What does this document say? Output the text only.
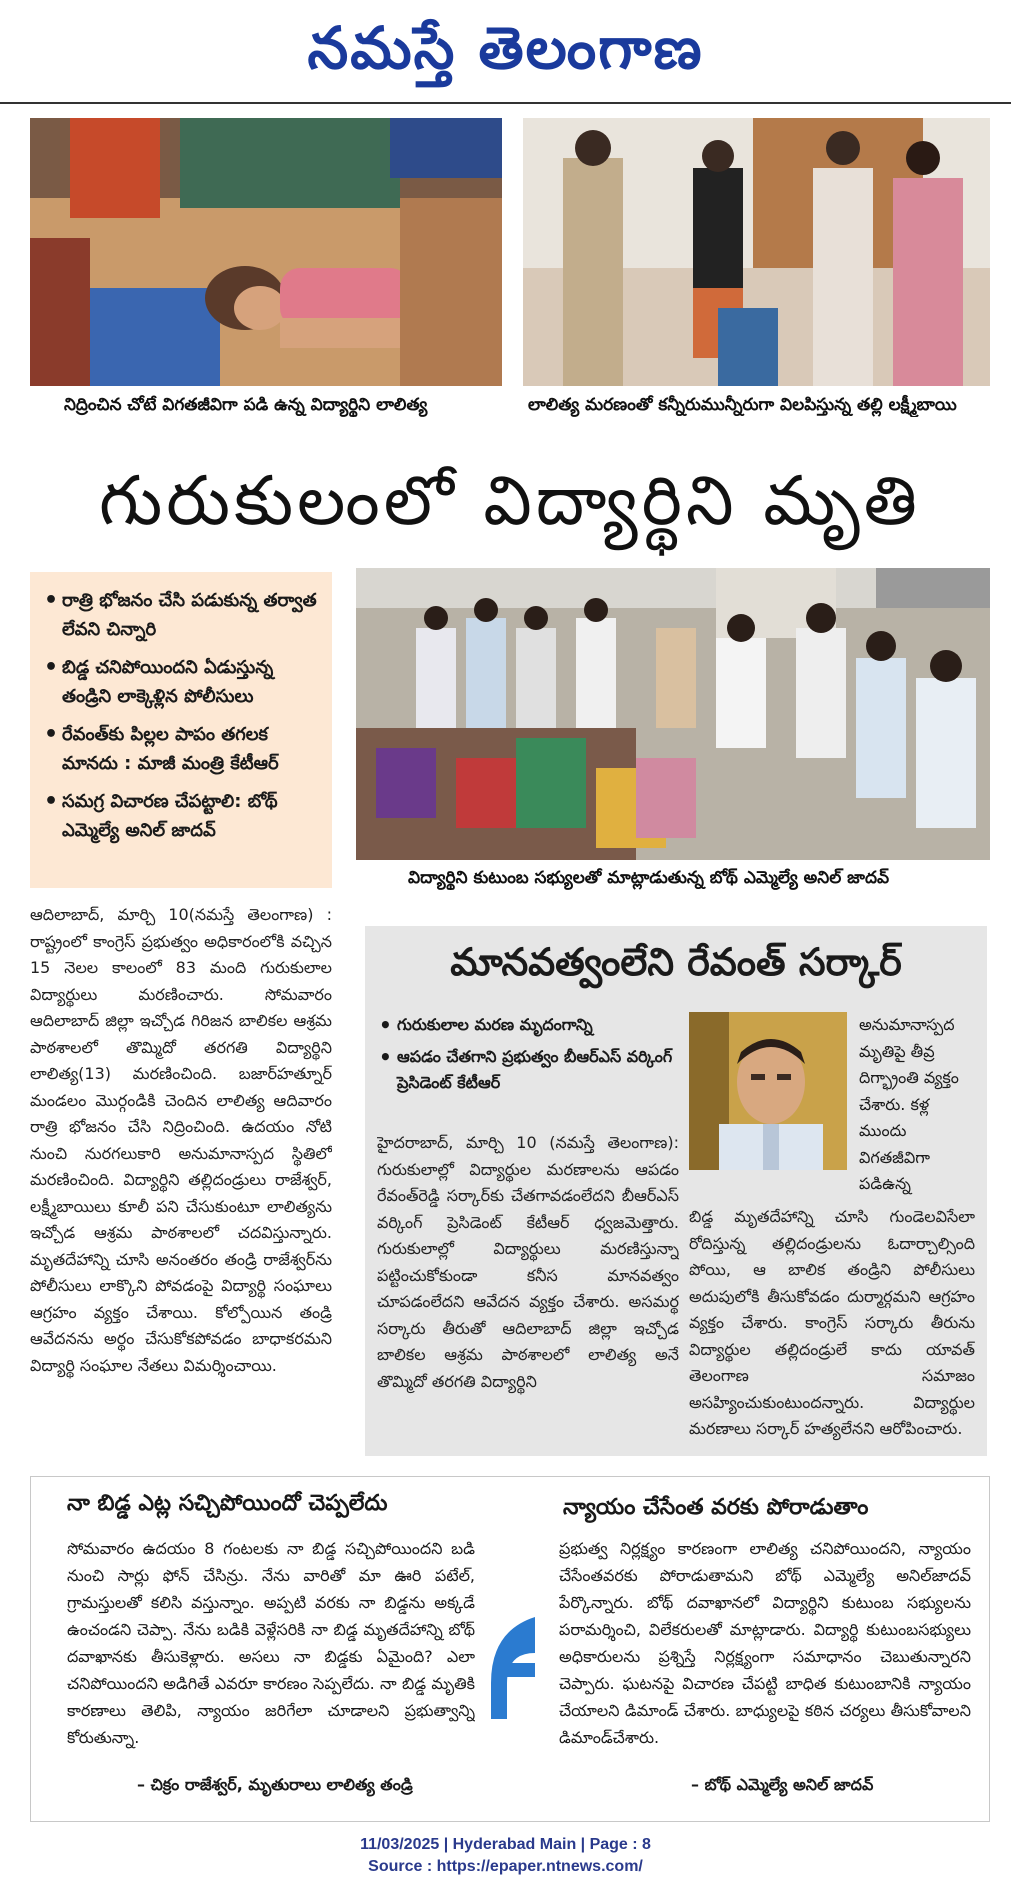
నమస్తే తెలంగాణ
నిద్రించిన చోటే విగతజీవిగా పడి ఉన్న విద్యార్థిని లాలిత్య	లాలిత్య మరణంతో కన్నీరుమున్నీరుగా విలపిస్తున్న తల్లి లక్ష్మీబాయి
గురుకులంలో విద్యార్థిని మృతి
• రాత్రి భోజనం చేసి పడుకున్న తర్వాత లేవని చిన్నారి
• బిడ్డ చనిపోయిందని ఏడుస్తున్న తండ్రిని లాక్కెళ్లిన పోలీసులు
• రేవంత్‌కు పిల్లల పాపం తగలక మానదు : మాజీ మంత్రి కేటీఆర్
• సమగ్ర విచారణ చేపట్టాలి: బోథ్ ఎమ్మెల్యే అనిల్ జాదవ్
విద్యార్థిని కుటుంబ సభ్యులతో మాట్లాడుతున్న బోథ్ ఎమ్మెల్యే అనిల్ జాదవ్
ఆదిలాబాద్, మార్చి 10(నమస్తే తెలంగాణ) : రాష్ట్రంలో కాంగ్రెస్ ప్రభుత్వం అధికారంలోకి వచ్చిన 15 నెలల కాలంలో 83 మంది గురుకులాల విద్యార్థులు మరణించారు. సోమవారం ఆదిలాబాద్ జిల్లా ఇచ్చోడ గిరిజన బాలికల ఆశ్రమ పాఠశాలలో తొమ్మిదో తరగతి విద్యార్థిని లాలిత్య(13) మరణించింది. బజార్‌హత్నూర్ మండలం మొర్గండికి చెందిన లాలిత్య ఆదివారం రాత్రి భోజనం చేసి నిద్రించింది. ఉదయం నోటి నుంచి నురగలుకారి అనుమానాస్పద స్థితిలో మరణించింది. విద్యార్థిని తల్లిదండ్రులు రాజేశ్వర్, లక్ష్మీబాయిలు కూలీ పని చేసుకుంటూ లాలిత్యను ఇచ్చోడ ఆశ్రమ పాఠశాలలో చదవిస్తున్నారు. మృతదేహాన్ని చూసి అనంతరం తండ్రి రాజేశ్వర్‌ను పోలీసులు లాక్కొని పోవడంపై విద్యార్థి సంఘాలు ఆగ్రహం వ్యక్తం చేశాయి. కోల్పోయిన తండ్రి ఆవేదనను అర్థం చేసుకోకపోవడం బాధాకరమని విద్యార్థి సంఘాల నేతలు విమర్శించాయి.
మానవత్వంలేని రేవంత్ సర్కార్
• గురుకులాల మరణ మృదంగాన్ని
• ఆపడం చేతగాని ప్రభుత్వం బీఆర్ఎస్ వర్కింగ్ ప్రెసిడెంట్ కేటీఆర్
అనుమానాస్పద మృతిపై తీవ్ర దిగ్భ్రాంతి వ్యక్తం చేశారు. కళ్ల ముందు విగతజీవిగా పడిఉన్న
హైదరాబాద్, మార్చి 10 (నమస్తే తెలంగాణ): గురుకులాల్లో విద్యార్థుల మరణాలను ఆపడం రేవంత్‌రెడ్డి సర్కార్‌కు చేతగావడంలేదని బీఆర్ఎస్ వర్కింగ్ ప్రెసిడెంట్ కేటీఆర్ ధ్వజమెత్తారు. గురుకులాల్లో విద్యార్థులు మరణిస్తున్నా పట్టించుకోకుండా కనీస మానవత్వం చూపడంలేదని ఆవేదన వ్యక్తం చేశారు. అసమర్థ సర్కారు తీరుతో ఆదిలాబాద్ జిల్లా ఇచ్చోడ బాలికల ఆశ్రమ పాఠశాలలో లాలిత్య అనే తొమ్మిదో తరగతి విద్యార్థిని
బిడ్డ మృతదేహాన్ని చూసి గుండెలవిసేలా రోదిస్తున్న తల్లిదండ్రులను ఓదార్చాల్సింది పోయి, ఆ బాలిక తండ్రిని పోలీసులు అదుపులోకి తీసుకోవడం దుర్మార్గమని ఆగ్రహం వ్యక్తం చేశారు. కాంగ్రెస్ సర్కారు తీరును విద్యార్థుల తల్లిదండ్రులే కాదు యావత్ తెలంగాణ సమాజం అసహ్యించుకుంటుందన్నారు. విద్యార్థుల మరణాలు సర్కార్ హత్యలేనని ఆరోపించారు.
నా బిడ్డ ఎట్ల సచ్చిపోయిందో చెప్పలేదు
సోమవారం ఉదయం 8 గంటలకు నా బిడ్డ సచ్చిపోయిందని బడి నుంచి సార్లు ఫోన్ చేసిన్రు. నేను వారితో మా ఊరి పటేల్, గ్రామస్తులతో కలిసి వస్తున్నాం. అప్పటి వరకు నా బిడ్డను అక్కడే ఉంచండని చెప్పా. నేను బడికి వెళ్లేసరికి నా బిడ్డ మృతదేహాన్ని బోథ్ దవాఖానకు తీసుకెళ్లారు. అసలు నా బిడ్డకు ఏమైంది? ఎలా చనిపోయిందని అడిగితే ఎవరూ కారణం సెప్పలేదు. నా బిడ్డ మృతికి కారణాలు తెలిపి, న్యాయం జరిగేలా చూడాలని ప్రభుత్వాన్ని కోరుతున్నా.
– చిక్రం రాజేశ్వర్, మృతురాలు లాలిత్య తండ్రి
న్యాయం చేసేంత వరకు పోరాడుతాం
ప్రభుత్వ నిర్లక్ష్యం కారణంగా లాలిత్య చనిపోయిందని, న్యాయం చేసేంతవరకు పోరాడుతామని బోథ్ ఎమ్మెల్యే అనిల్‌జాదవ్ పేర్కొన్నారు. బోథ్ దవాఖానలో విద్యార్థిని కుటుంబ సభ్యులను పరామర్శించి, విలేకరులతో మాట్లాడారు. విద్యార్థి కుటుంబసభ్యులు అధికారులను ప్రశ్నిస్తే నిర్లక్ష్యంగా సమాధానం చెబుతున్నారని చెప్పారు. ఘటనపై విచారణ చేపట్టి బాధిత కుటుంబానికి న్యాయం చేయాలని డిమాండ్ చేశారు. బాధ్యులపై కఠిన చర్యలు తీసుకోవాలని డిమాండ్‌చేశారు.
– బోథ్ ఎమ్మెల్యే అనిల్ జాదవ్
11/03/2025 | Hyderabad Main | Page : 8
Source : https://epaper.ntnews.com/
